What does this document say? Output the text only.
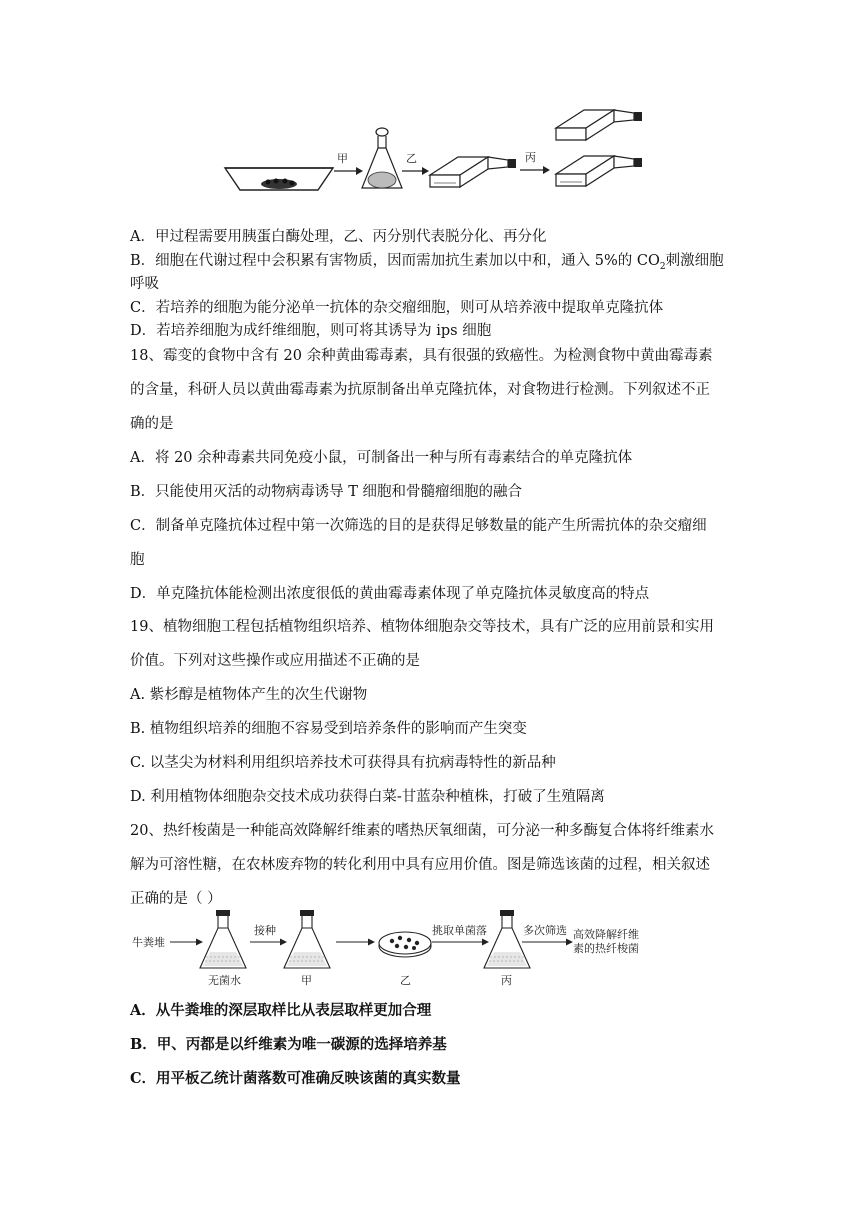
甲	乙	丙
A．甲过程需要用胰蛋白酶处理，乙、丙分别代表脱分化、再分化
B．细胞在代谢过程中会积累有害物质，因而需加抗生素加以中和，通入 5%的 $CO_2$刺激细胞
呼吸
C．若培养的细胞为能分泌单一抗体的杂交瘤细胞，则可从培养液中提取单克隆抗体
D．若培养细胞为成纤维细胞，则可将其诱导为 ips 细胞
18、霉变的食物中含有 20 余种黄曲霉毒素，具有很强的致癌性。为检测食物中黄曲霉毒素
的含量，科研人员以黄曲霉毒素为抗原制备出单克隆抗体，对食物进行检测。下列叙述不正
确的是
A．将 20 余种毒素共同免疫小鼠，可制备出一种与所有毒素结合的单克隆抗体
B．只能使用灭活的动物病毒诱导 T 细胞和骨髓瘤细胞的融合
C．制备单克隆抗体过程中第一次筛选的目的是获得足够数量的能产生所需抗体的杂交瘤细
胞
D．单克隆抗体能检测出浓度很低的黄曲霉毒素体现了单克隆抗体灵敏度高的特点
19、植物细胞工程包括植物组织培养、植物体细胞杂交等技术，具有广泛的应用前景和实用
价值。下列对这些操作或应用描述不正确的是
A. 紫杉醇是植物体产生的次生代谢物
B. 植物组织培养的细胞不容易受到培养条件的影响而产生突变
C. 以茎尖为材料利用组织培养技术可获得具有抗病毒特性的新品种
D. 利用植物体细胞杂交技术成功获得白菜-甘蓝杂种植株，打破了生殖隔离
20、热纤梭菌是一种能高效降解纤维素的嗜热厌氧细菌，可分泌一种多酶复合体将纤维素水
解为可溶性糖，在农林废弃物的转化利用中具有应用价值。图是筛选该菌的过程，相关叙述
正确的是（ ）
牛粪堆
无菌水
接种
甲	乙
挑取单菌落
丙
多次筛选 高效降解纤维
素的热纤梭菌
A．从牛粪堆的深层取样比从表层取样更加合理
B．甲、丙都是以纤维素为唯一碳源的选择培养基
C．用平板乙统计菌落数可准确反映该菌的真实数量
